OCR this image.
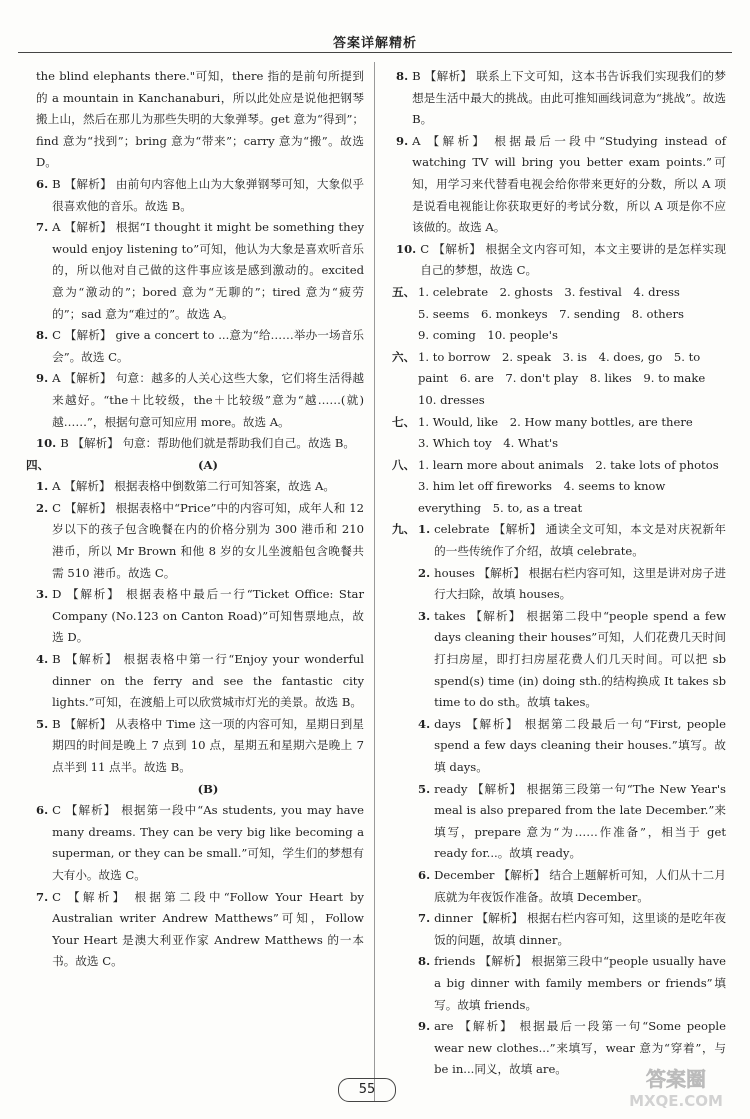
答案详解精析

the blind elephants there."可知，there 指的是前句所提到的 a mountain in Kanchanaburi，所以此处应是说他把钢琴搬上山，然后在那儿为那些失明的大象弹琴。get 意为“得到”；find 意为“找到”；bring 意为“带来”；carry 意为“搬”。故选 D。

6. B 【解析】 由前句内容他上山为大象弹钢琴可知，大象似乎很喜欢他的音乐。故选 B。

7. A 【解析】 根据“I thought it might be something they would enjoy listening to”可知，他认为大象是喜欢听音乐的，所以他对自己做的这件事应该是感到激动的。excited 意为“激动的”；bored 意为“无聊的”；tired 意为“疲劳的”；sad 意为“难过的”。故选 A。

8. C 【解析】 give a concert to ...意为“给……举办一场音乐会”。故选 C。

9. A 【解析】 句意：越多的人关心这些大象，它们将生活得越来越好。“the＋比较级，the＋比较级”意为“越……(就)越……”，根据句意可知应用 more。故选 A。

10. B 【解析】 句意：帮助他们就是帮助我们自己。故选 B。

四、	(A)
1. A 【解析】 根据表格中倒数第二行可知答案，故选 A。

2. C 【解析】 根据表格中“Price”中的内容可知，成年人和 12 岁以下的孩子包含晚餐在内的价格分别为 300 港币和 210 港币，所以 Mr Brown 和他 8 岁的女儿坐渡船包含晚餐共需 510 港币。故选 C。

3. D 【解析】 根据表格中最后一行“Ticket Office: Star Company (No.123 on Canton Road)”可知售票地点，故选 D。

4. B 【解析】 根据表格中第一行“Enjoy your wonderful dinner on the ferry and see the fantastic city lights.”可知，在渡船上可以欣赏城市灯光的美景。故选 B。

5. B 【解析】 从表格中 Time 这一项的内容可知，星期日到星期四的时间是晚上 7 点到 10 点，星期五和星期六是晚上 7 点半到 11 点半。故选 B。

(B)
6. C 【解析】 根据第一段中“As students, you may have many dreams. They can be very big like becoming a superman, or they can be small.”可知，学生们的梦想有大有小。故选 C。

7. C 【解析】 根据第二段中“Follow Your Heart by Australian writer Andrew Matthews”可知，Follow Your Heart 是澳大利亚作家 Andrew Matthews 的一本书。故选 C。

8. B 【解析】 联系上下文可知，这本书告诉我们实现我们的梦想是生活中最大的挑战。由此可推知画线词意为“挑战”。故选 B。

9. A 【解析】 根据最后一段中“Studying instead of watching TV will bring you better exam points.”可知，用学习来代替看电视会给你带来更好的分数，所以 A 项是说看电视能让你获取更好的考试分数，所以 A 项是你不应该做的。故选 A。

10. C 【解析】 根据全文内容可知，本文主要讲的是怎样实现自己的梦想，故选 C。

五、 1. celebrate　2. ghosts　3. festival　4. dress
5. seems　6. monkeys　7. sending　8. others
9. coming　10. people's
六、 1. to borrow　2. speak　3. is　4. does, go　5. to
paint　6. are　7. don't play　8. likes　9. to make
10. dresses
七、 1. Would, like　2. How many bottles, are there
3. Which toy　4. What's
八、 1. learn more about animals　2. take lots of photos
3. him let off fireworks　4. seems to know
everything　5. to, as a treat
九、 1. celebrate 【解析】 通读全文可知，本文是对庆祝新年的一些传统作了介绍，故填 celebrate。

2. houses 【解析】 根据右栏内容可知，这里是讲对房子进行大扫除，故填 houses。

3. takes 【解析】 根据第二段中“people spend a few days cleaning their houses”可知，人们花费几天时间打扫房屋，即打扫房屋花费人们几天时间。可以把 sb spend(s) time (in) doing sth.的结构换成 It takes sb time to do sth。故填 takes。

4. days 【解析】 根据第二段最后一句“First, people spend a few days cleaning their houses.”填写。故填 days。

5. ready 【解析】 根据第三段第一句“The New Year's meal is also prepared from the late December.”来填写，prepare 意为“为……作准备”，相当于 get ready for...。故填 ready。

6. December 【解析】 结合上题解析可知，人们从十二月底就为年夜饭作准备。故填 December。

7. dinner 【解析】 根据右栏内容可知，这里谈的是吃年夜饭的问题，故填 dinner。

8. friends 【解析】 根据第三段中“people usually have a big dinner with family members or friends”填写。故填 friends。

9. are 【解析】 根据最后一段第一句“Some people wear new clothes...”来填写，wear 意为“穿着”，与 be in...同义，故填 are。

55	答案圈
MXQE.COM
